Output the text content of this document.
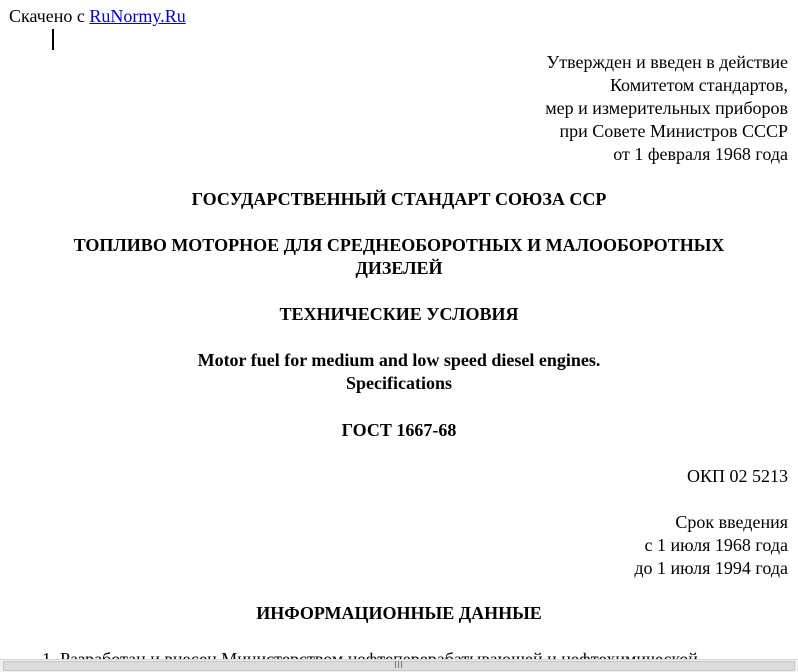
Скачено с RuNormy.Ru
Утвержден и введен в действие
Комитетом стандартов,
мер и измерительных приборов
при Совете Министров СССР
от 1 февраля 1968 года
ГОСУДАРСТВЕННЫЙ СТАНДАРТ СОЮЗА ССР
ТОПЛИВО МОТОРНОЕ ДЛЯ СРЕДНЕОБОРОТНЫХ И МАЛООБОРОТНЫХ
ДИЗЕЛЕЙ
ТЕХНИЧЕСКИЕ УСЛОВИЯ
Motor fuel for medium and low speed diesel engines.
Specifications
ГОСТ 1667-68
ОКП 02 5213
Срок введения
с 1 июля 1968 года
до 1 июля 1994 года
ИНФОРМАЦИОННЫЕ ДАННЫЕ
